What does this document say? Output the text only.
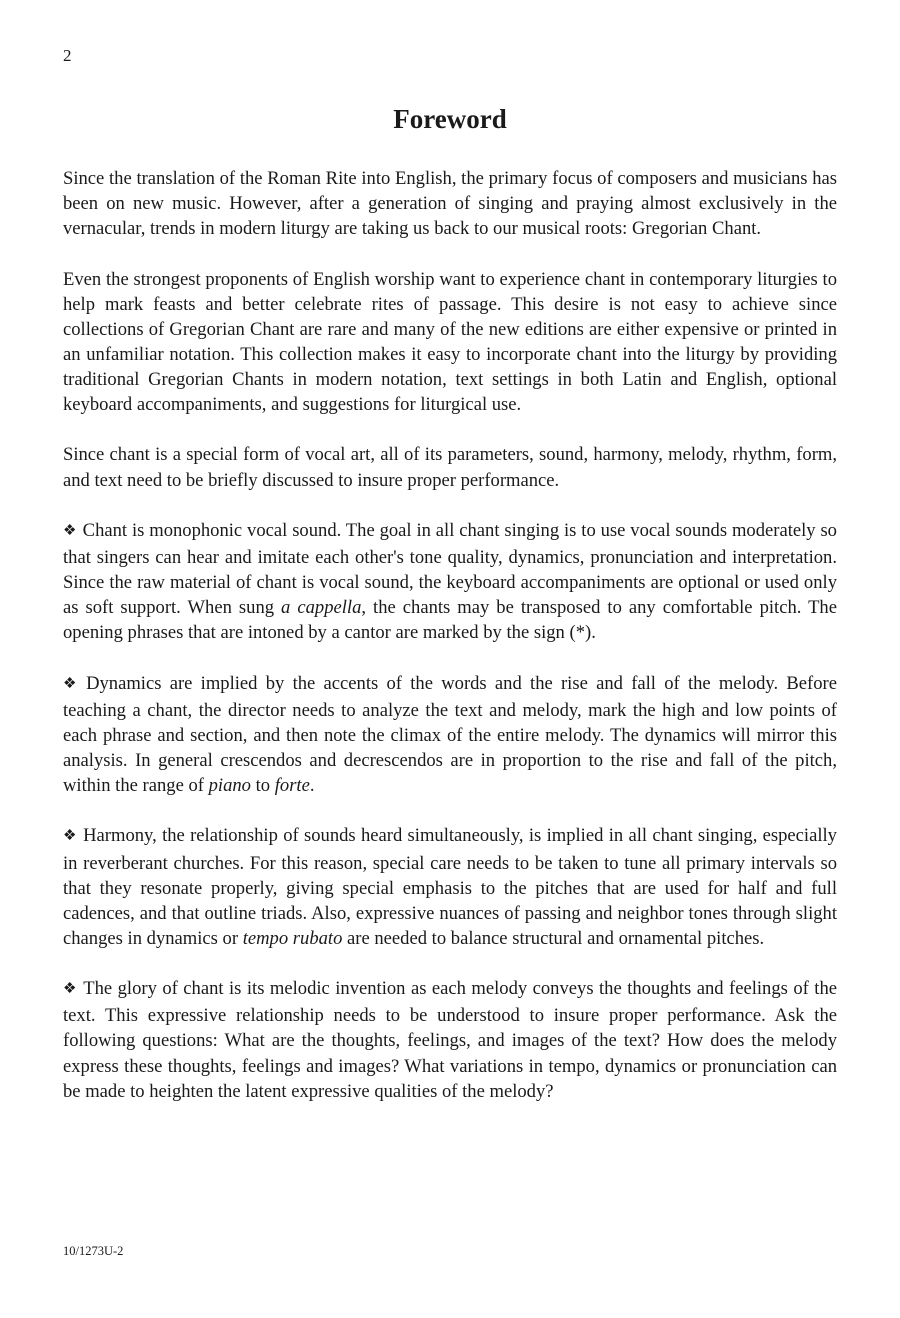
2
Foreword

Since the translation of the Roman Rite into English, the primary focus of composers and musicians has been on new music. However, after a generation of singing and praying almost exclusively in the vernacular, trends in modern liturgy are taking us back to our musical roots: Gregorian Chant.

Even the strongest proponents of English worship want to experience chant in contemporary liturgies to help mark feasts and better celebrate rites of passage. This desire is not easy to achieve since collections of Gregorian Chant are rare and many of the new editions are either expensive or printed in an unfamiliar notation. This collection makes it easy to incorporate chant into the liturgy by providing traditional Gregorian Chants in modern notation, text settings in both Latin and English, optional keyboard accompaniments, and suggestions for liturgical use.

Since chant is a special form of vocal art, all of its parameters, sound, harmony, melody, rhythm, form, and text need to be briefly discussed to insure proper performance.

❖ Chant is monophonic vocal sound. The goal in all chant singing is to use vocal sounds moderately so that singers can hear and imitate each other's tone quality, dynamics, pronunciation and interpretation. Since the raw material of chant is vocal sound, the keyboard accompaniments are optional or used only as soft support. When sung a cappella, the chants may be transposed to any comfortable pitch. The opening phrases that are intoned by a cantor are marked by the sign (*).

❖ Dynamics are implied by the accents of the words and the rise and fall of the melody. Before teaching a chant, the director needs to analyze the text and melody, mark the high and low points of each phrase and section, and then note the climax of the entire melody. The dynamics will mirror this analysis. In general crescendos and decrescendos are in proportion to the rise and fall of the pitch, within the range of piano to forte.

❖ Harmony, the relationship of sounds heard simultaneously, is implied in all chant singing, especially in reverberant churches. For this reason, special care needs to be taken to tune all primary intervals so that they resonate properly, giving special emphasis to the pitches that are used for half and full cadences, and that outline triads. Also, expressive nuances of passing and neighbor tones through slight changes in dynamics or tempo rubato are needed to balance structural and ornamental pitches.

❖ The glory of chant is its melodic invention as each melody conveys the thoughts and feelings of the text. This expressive relationship needs to be understood to insure proper performance. Ask the following questions: What are the thoughts, feelings, and images of the text? How does the melody express these thoughts, feelings and images? What variations in tempo, dynamics or pronunciation can be made to heighten the latent expressive qualities of the melody?

10/1273U-2
